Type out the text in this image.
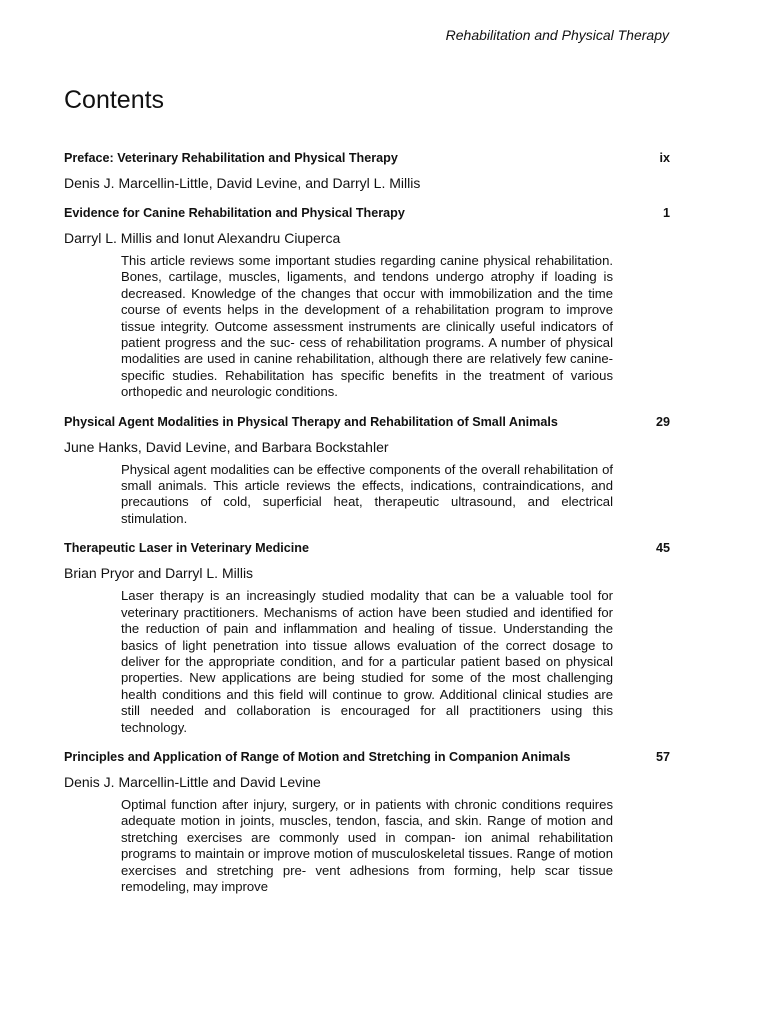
Rehabilitation and Physical Therapy
Contents
Preface: Veterinary Rehabilitation and Physical Therapy	ix
Denis J. Marcellin-Little, David Levine, and Darryl L. Millis
Evidence for Canine Rehabilitation and Physical Therapy	1
Darryl L. Millis and Ionut Alexandru Ciuperca

This article reviews some important studies regarding canine physical rehabilitation. Bones, cartilage, muscles, ligaments, and tendons undergo atrophy if loading is decreased. Knowledge of the changes that occur with immobilization and the time course of events helps in the development of a rehabilitation program to improve tissue integrity. Outcome assessment instruments are clinically useful indicators of patient progress and the suc- cess of rehabilitation programs. A number of physical modalities are used in canine rehabilitation, although there are relatively few canine-specific studies. Rehabilitation has specific benefits in the treatment of various orthopedic and neurologic conditions.

Physical Agent Modalities in Physical Therapy and Rehabilitation of Small Animals	29
June Hanks, David Levine, and Barbara Bockstahler

Physical agent modalities can be effective components of the overall rehabilitation of small animals. This article reviews the effects, indications, contraindications, and precautions of cold, superficial heat, therapeutic ultrasound, and electrical stimulation.

Therapeutic Laser in Veterinary Medicine	45
Brian Pryor and Darryl L. Millis

Laser therapy is an increasingly studied modality that can be a valuable tool for veterinary practitioners. Mechanisms of action have been studied and identified for the reduction of pain and inflammation and healing of tissue. Understanding the basics of light penetration into tissue allows evaluation of the correct dosage to deliver for the appropriate condition, and for a particular patient based on physical properties. New applications are being studied for some of the most challenging health conditions and this field will continue to grow. Additional clinical studies are still needed and collaboration is encouraged for all practitioners using this technology.

Principles and Application of Range of Motion and Stretching in Companion Animals	57
Denis J. Marcellin-Little and David Levine

Optimal function after injury, surgery, or in patients with chronic conditions requires adequate motion in joints, muscles, tendon, fascia, and skin. Range of motion and stretching exercises are commonly used in compan- ion animal rehabilitation programs to maintain or improve motion of musculoskeletal tissues. Range of motion exercises and stretching pre- vent adhesions from forming, help scar tissue remodeling, may improve
